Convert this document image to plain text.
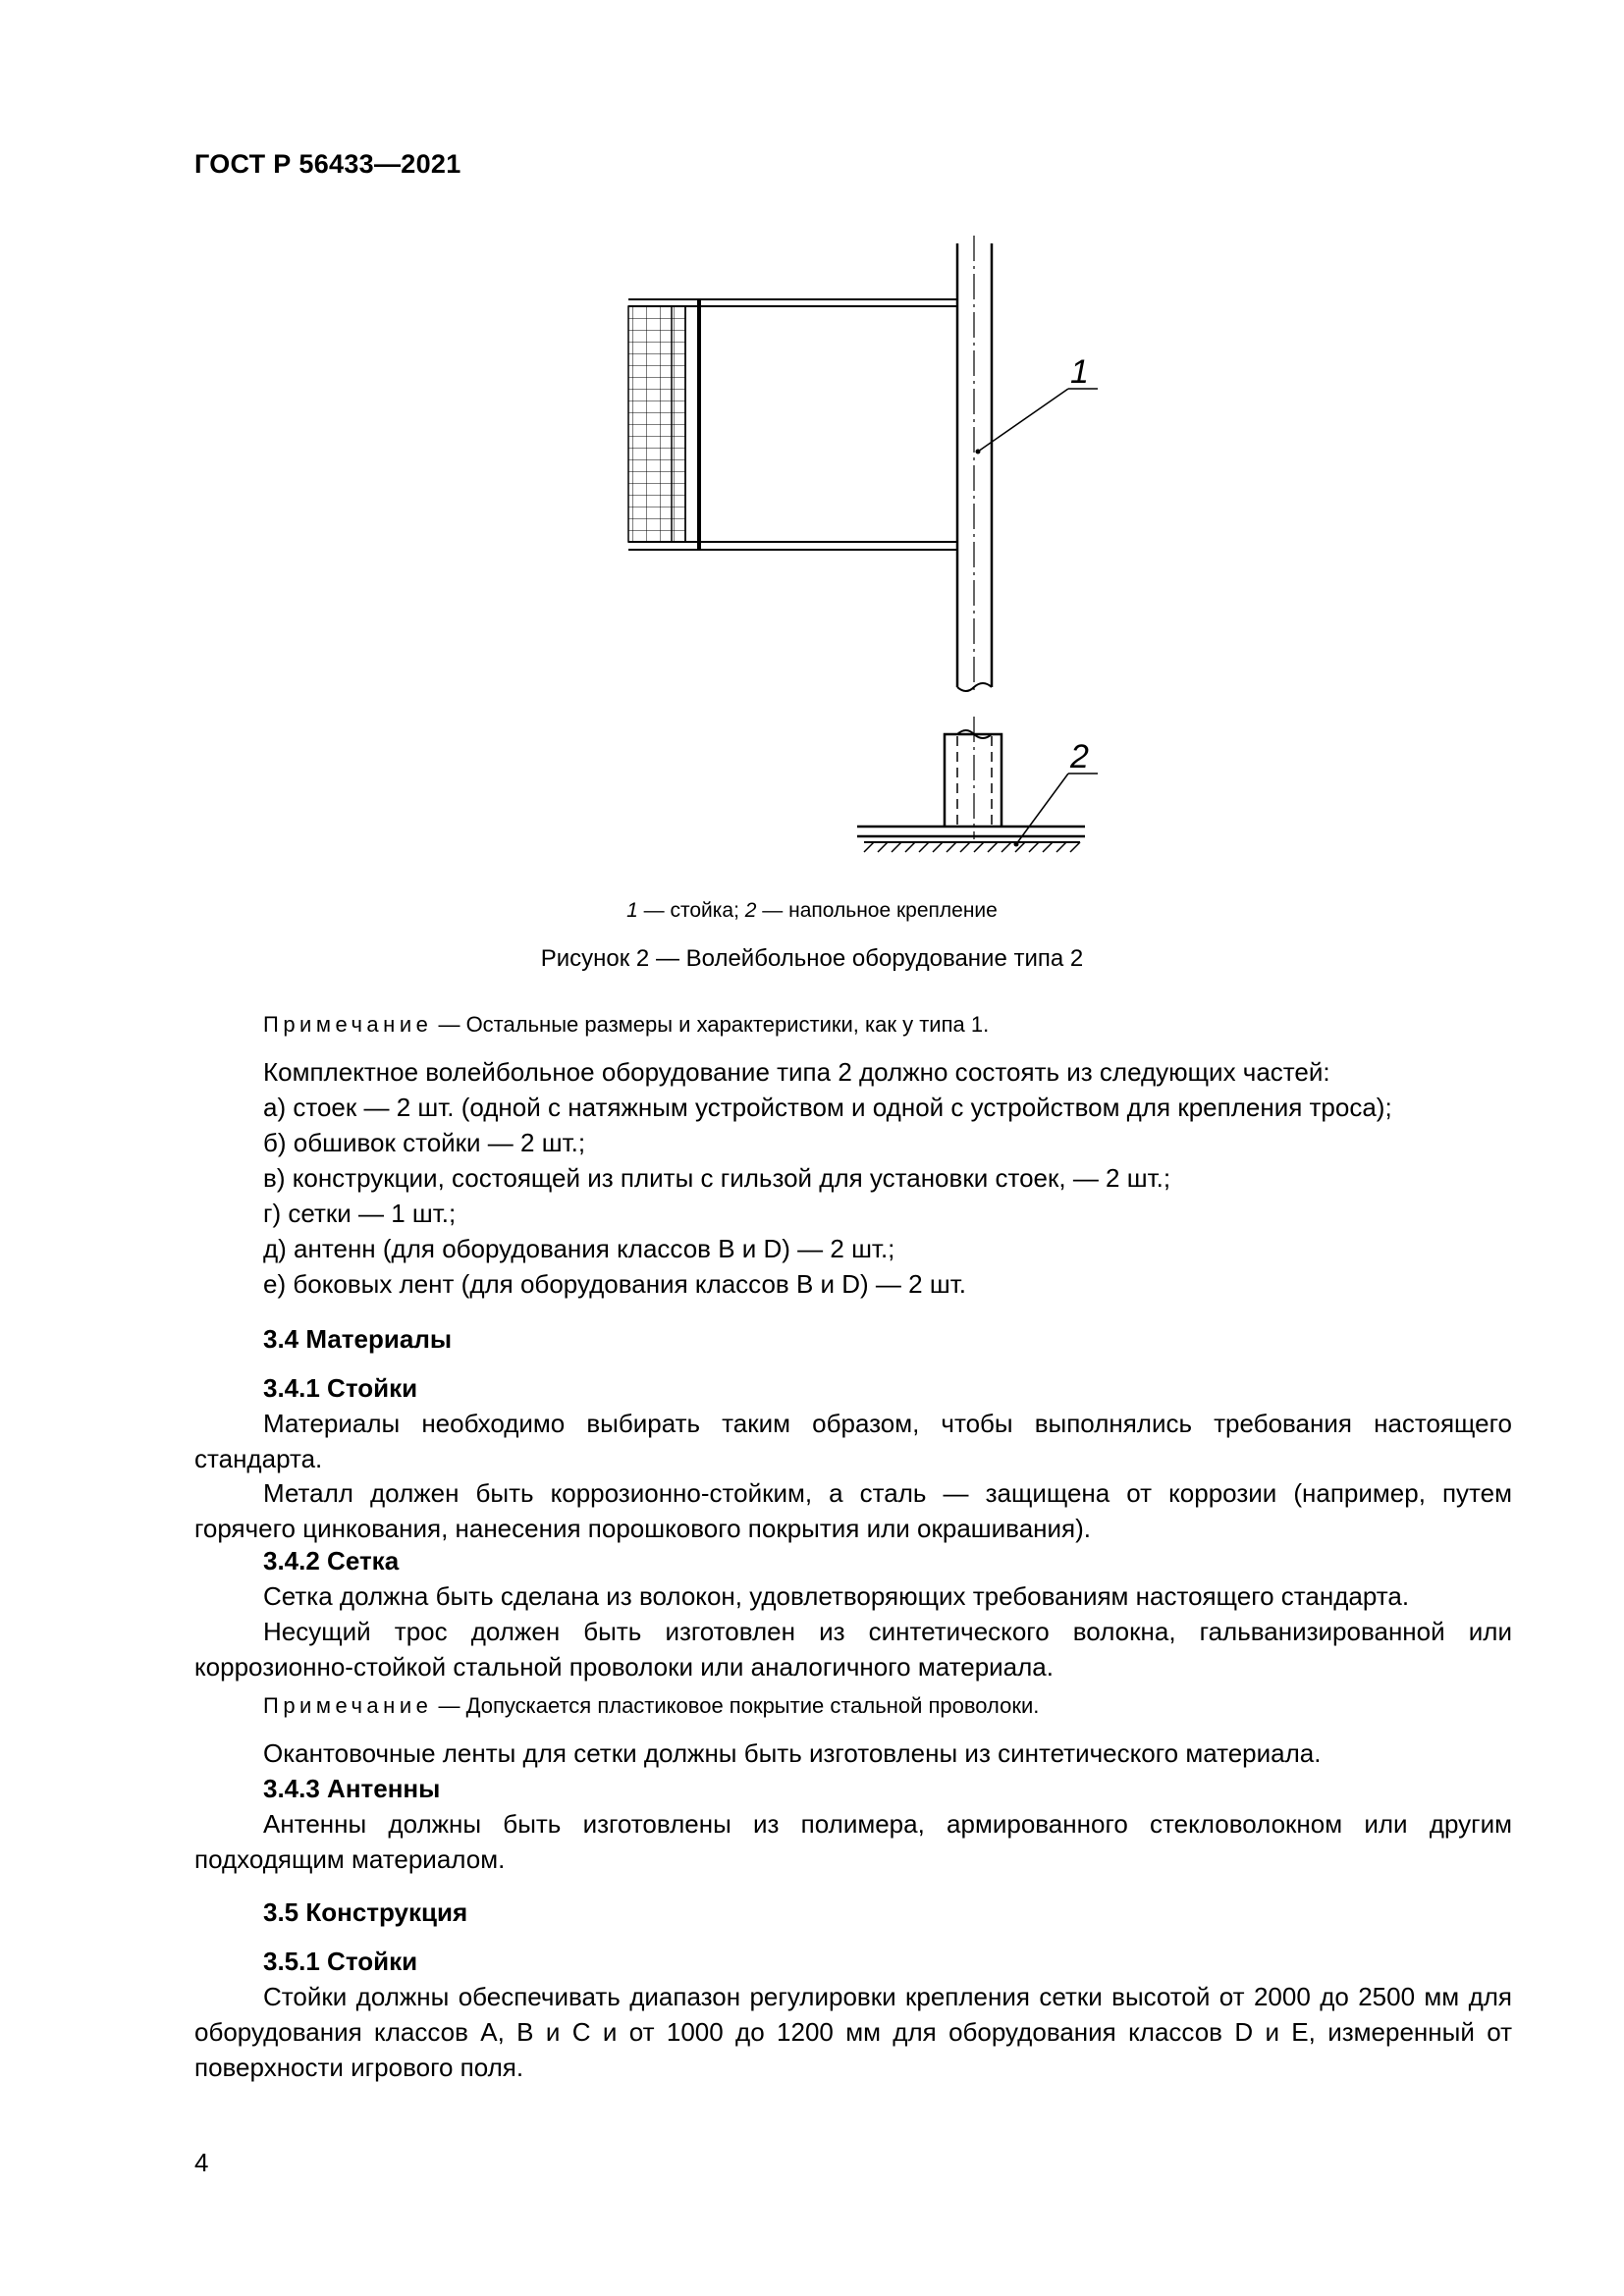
ГОСТ Р 56433—2021
1
2
1 — стойка; 2 — напольное крепление
Рисунок 2 — Волейбольное оборудование типа 2
Примечание — Остальные размеры и характеристики, как у типа 1.
Комплектное волейбольное оборудование типа 2 должно состоять из следующих частей:
а) стоек — 2 шт. (одной с натяжным устройством и одной с устройством для крепления троса);
б) обшивок стойки — 2 шт.;
в) конструкции, состоящей из плиты с гильзой для установки стоек, — 2 шт.;
г) сетки — 1 шт.;
д) антенн (для оборудования классов В и D) — 2 шт.;
е) боковых лент (для оборудования классов В и D) — 2 шт.
3.4 Материалы
3.4.1 Стойки
Материалы необходимо выбирать таким образом, чтобы выполнялись требования настоящего стандарта.
Металл должен быть коррозионно-стойким, а сталь — защищена от коррозии (например, путем горячего цинкования, нанесения порошкового покрытия или окрашивания).
3.4.2 Сетка
Сетка должна быть сделана из волокон, удовлетворяющих требованиям настоящего стандарта.
Несущий трос должен быть изготовлен из синтетического волокна, гальванизированной или коррозионно-стойкой стальной проволоки или аналогичного материала.
Примечание — Допускается пластиковое покрытие стальной проволоки.
Окантовочные ленты для сетки должны быть изготовлены из синтетического материала.
3.4.3 Антенны
Антенны должны быть изготовлены из полимера, армированного стекловолокном или другим подходящим материалом.
3.5 Конструкция
3.5.1 Стойки
Стойки должны обеспечивать диапазон регулировки крепления сетки высотой от 2000 до 2500 мм для оборудования классов А, В и С и от 1000 до 1200 мм для оборудования классов D и Е, измеренный от поверхности игрового поля.
4
